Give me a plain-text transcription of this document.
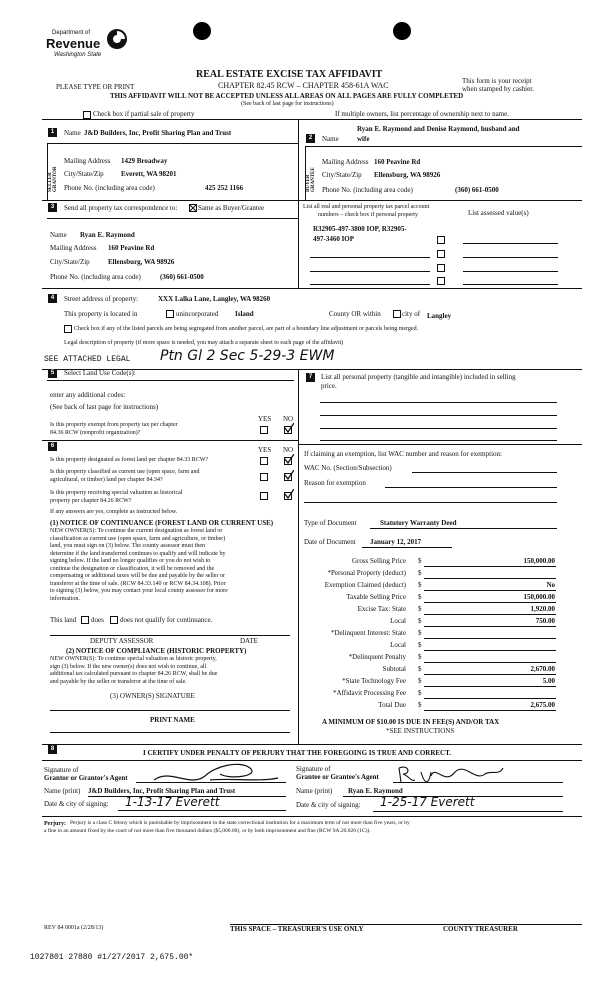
Department of
Revenue
Washington State
REAL ESTATE EXCISE TAX AFFIDAVIT
CHAPTER 82.45 RCW – CHAPTER 458-61A WAC
PLEASE TYPE OR PRINT
THIS AFFIDAVIT WILL NOT BE ACCEPTED UNLESS ALL AREAS ON ALL PAGES ARE FULLY COMPLETED
(See back of last page for instructions)
This form is your receipt
when stamped by cashier.
Check box if partial sale of property	If multiple owners, list percentage of ownership next to name.
1	Name J&D Builders, Inc, Profit Sharing Plan and Trust
SELLER GRANTOR
Mailing Address 1429 Broadway
City/State/Zip Everett, WA 98201
Phone No. (including area code)	425 252 1166
2	Name
Ryan E. Raymond and Denise Raymond, husband and
wife
BUYER GRANTEE
Mailing Address 160 Peavine Rd
City/State/Zip Ellensburg, WA 98926
Phone No. (including area code)	(360) 661-0500
3	Send all property tax correspondence to:	Same as Buyer/Grantee
Name Ryan E. Raymond
Mailing Address 160 Peavine Rd
City/State/Zip	Ellensburg, WA 98926
Phone No. (including area code)	(360) 661-0500
List all real and personal property tax parcel account
numbers – check box if personal property	List assessed value(s)
R32905-497-3800 IOP, R32905-
497-3460 IOP
4	Street address of property:	XXX Lalka Lane, Langley, WA 98260
This property is located in	unincorporated Island	County OR within	city of Langley
Check box if any of the listed parcels are being segregated from another parcel, are part of a boundary line adjustment or parcels being merged.
Legal description of property (if more space is needed, you may attach a separate sheet to each page of the affidavit)
SEE ATTACHED LEGAL Ptn Gl 2 Sec 5-29-3 EWM
5	Select Land Use Code(s):
enter any additional codes:
(See back of last page for instructions)
YES NO
Is this property exempt from property tax per chapter
84.36 RCW (nonprofit organization)?
7	List all personal property (tangible and intangible) included in selling
price.
6	YES NO
Is this property designated as forest land per chapter 84.33 RCW?
Is this property classified as current use (open space, farm and
agricultural, or timber) land per chapter 84.34?
Is this property receiving special valuation as historical
property per chapter 84.26 RCW?
If any answers are yes, complete as instructed below.
(1) NOTICE OF CONTINUANCE (FOREST LAND OR CURRENT USE)
NEW OWNER(S): To continue the current designation as forest land or
classification as current use (open space, farm and agriculture, or timber)
land, you must sign on (3) below. The county assessor must then
determine if the land transferred continues to qualify and will indicate by
signing below. If the land no longer qualifies or you do not wish to
continue the designation or classification, it will be removed and the
compensating or additional taxes will be due and payable by the seller or
transferor at the time of sale. (RCW 84.33.140 or RCW 84.34.108). Prior
to signing (3) below, you may contact your local county assessor for more
information.
This land does does not qualify for continuance.
DEPUTY ASSESSOR	DATE
(2) NOTICE OF COMPLIANCE (HISTORIC PROPERTY)
NEW OWNER(S): To continue special valuation as historic property,
sign (3) below. If the new owner(s) does not wish to continue, all
additional tax calculated pursuant to chapter 84.26 RCW, shall be due
and payable by the seller or transferor at the time of sale.
(3) OWNER(S) SIGNATURE
PRINT NAME
If claiming an exemption, list WAC number and reason for exemption:
WAC No. (Section/Subsection)
Reason for exemption
Type of Document	Statutory Warranty Deed
Date of Document January 12, 2017
Gross Selling Price $	150,000.00
*Personal Property (deduct) $
Exemption Claimed (deduct) $	No
Taxable Selling Price $	150,000.00
Excise Tax: State $	1,920.00
Local $	750.00
*Delinquent Interest: State $
Local $
*Delinquent Penalty $
Subtotal $	2,670.00
*State Technology Fee $	5.00
*Affidavit Processing Fee $
Total Due $	2,675.00
A MINIMUM OF $10.00 IS DUE IN FEE(S) AND/OR TAX
*SEE INSTRUCTIONS
8	I CERTIFY UNDER PENALTY OF PERJURY THAT THE FOREGOING IS TRUE AND CORRECT.
Signature of
Grantor or Grantor's Agent
Name (print) J&D Builders, Inc, Profit Sharing Plan and Trust
Date & city of signing: 1-13-17 Everett
Signature of
Grantee or Grantee's Agent
Name (print) Ryan E. Raymond
Date & city of signing: 1-25-17 Everett
Perjury: Perjury is a class C felony which is punishable by imprisonment in the state correctional institution for a maximum term of not more than five years, or by
a fine in an amount fixed by the court of not more than five thousand dollars ($5,000.00), or by both imprisonment and fine (RCW 9A.20.020 (1C)).
REV 84 0001a (2/28/13)	THIS SPACE – TREASURER'S USE ONLY	COUNTY TREASURER
1027801 27880 #1/27/2017 2,675.00*
